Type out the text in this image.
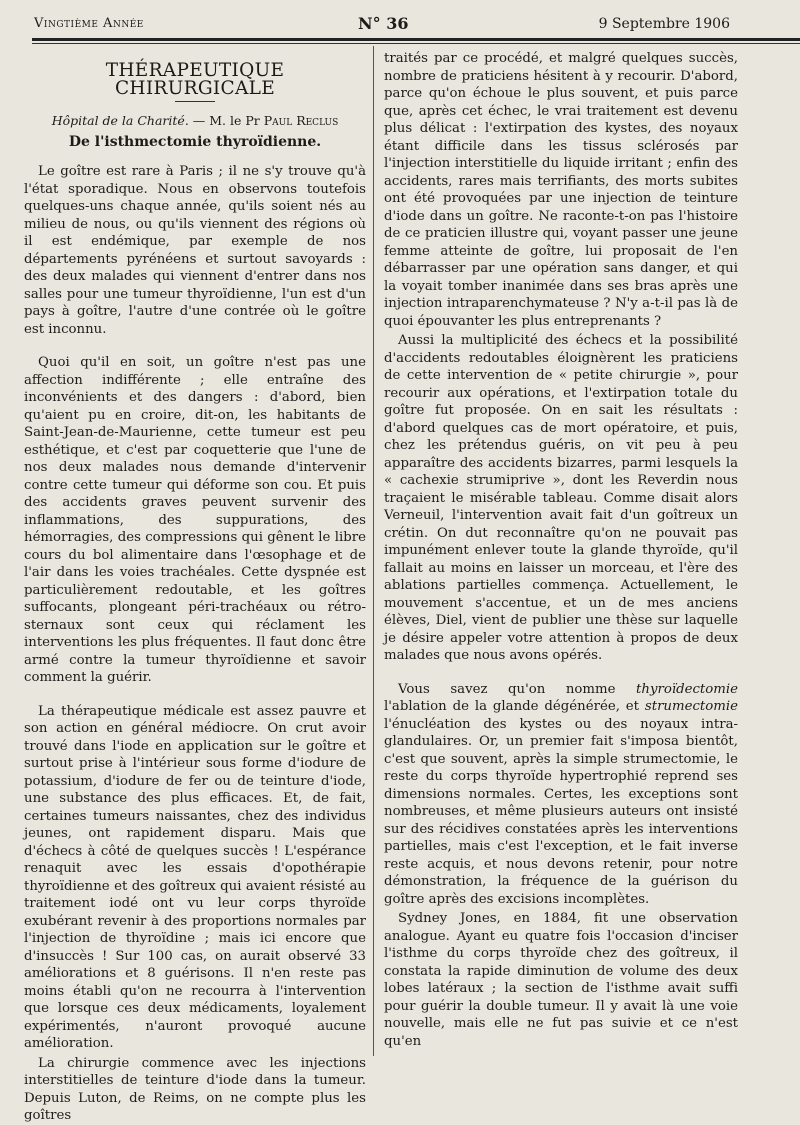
Vingtième Année	N° 36	9 Septembre 1906
THÉRAPEUTIQUE CHIRURGICALE
Hôpital de la Charité. — M. le Pr Paul Reclus
De l'isthmectomie thyroïdienne.

Le goître est rare à Paris ; il ne s'y trouve qu'à l'état sporadique. Nous en observons toutefois quelques-uns chaque année, qu'ils soient nés au milieu de nous, ou qu'ils viennent des régions où il est endémique, par exemple de nos départements pyrénéens et surtout savoyards : des deux malades qui viennent d'entrer dans nos salles pour une tumeur thyroïdienne, l'un est d'un pays à goître, l'autre d'une contrée où le goître est inconnu.

Quoi qu'il en soit, un goître n'est pas une affection indifférente ; elle entraîne des inconvénients et des dangers : d'abord, bien qu'aient pu en croire, dit-on, les habitants de Saint-Jean-de-Maurienne, cette tumeur est peu esthétique, et c'est par coquetterie que l'une de nos deux malades nous demande d'intervenir contre cette tumeur qui déforme son cou. Et puis des accidents graves peuvent survenir des inflammations, des suppurations, des hémorragies, des compressions qui gênent le libre cours du bol alimentaire dans l'œsophage et de l'air dans les voies trachéales. Cette dyspnée est particulièrement redoutable, et les goîtres suffocants, plongeant péri-trachéaux ou rétro-sternaux sont ceux qui réclament les interventions les plus fréquentes. Il faut donc être armé contre la tumeur thyroïdienne et savoir comment la guérir.

La thérapeutique médicale est assez pauvre et son action en général médiocre. On crut avoir trouvé dans l'iode en application sur le goître et surtout prise à l'intérieur sous forme d'iodure de potassium, d'iodure de fer ou de teinture d'iode, une substance des plus efficaces. Et, de fait, certaines tumeurs naissantes, chez des individus jeunes, ont rapidement disparu. Mais que d'échecs à côté de quelques succès ! L'espérance renaquit avec les essais d'opothérapie thyroïdienne et des goîtreux qui avaient résisté au traitement iodé ont vu leur corps thyroïde exubérant revenir à des proportions normales par l'injection de thyroïdine ; mais ici encore que d'insuccès ! Sur 100 cas, on aurait observé 33 améliorations et 8 guérisons. Il n'en reste pas moins établi qu'on ne recourra à l'intervention que lorsque ces deux médicaments, loyalement expérimentés, n'auront provoqué aucune amélioration.

La chirurgie commence avec les injections interstitielles de teinture d'iode dans la tumeur. Depuis Luton, de Reims, on ne compte plus les goîtres

traités par ce procédé, et malgré quelques succès, nombre de praticiens hésitent à y recourir. D'abord, parce qu'on échoue le plus souvent, et puis parce que, après cet échec, le vrai traitement est devenu plus délicat : l'extirpation des kystes, des noyaux étant difficile dans les tissus sclérosés par l'injection interstitielle du liquide irritant ; enfin des accidents, rares mais terrifiants, des morts subites ont été provoquées par une injection de teinture d'iode dans un goître. Ne raconte-t-on pas l'histoire de ce praticien illustre qui, voyant passer une jeune femme atteinte de goître, lui proposait de l'en débarrasser par une opération sans danger, et qui la voyait tomber inanimée dans ses bras après une injection intraparenchymateuse ? N'y a-t-il pas là de quoi épouvanter les plus entreprenants ?

Aussi la multiplicité des échecs et la possibilité d'accidents redoutables éloignèrent les praticiens de cette intervention de « petite chirurgie », pour recourir aux opérations, et l'extirpation totale du goître fut proposée. On en sait les résultats : d'abord quelques cas de mort opératoire, et puis, chez les prétendus guéris, on vit peu à peu apparaître des accidents bizarres, parmi lesquels la « cachexie strumiprive », dont les Reverdin nous traçaient le misérable tableau. Comme disait alors Verneuil, l'intervention avait fait d'un goîtreux un crétin. On dut reconnaître qu'on ne pouvait pas impunément enlever toute la glande thyroïde, qu'il fallait au moins en laisser un morceau, et l'ère des ablations partielles commença. Actuellement, le mouvement s'accentue, et un de mes anciens élèves, Diel, vient de publier une thèse sur laquelle je désire appeler votre attention à propos de deux malades que nous avons opérés.

Vous savez qu'on nomme thyroïdectomie l'ablation de la glande dégénérée, et strumectomie l'énucléation des kystes ou des noyaux intra-glandulaires. Or, un premier fait s'imposa bientôt, c'est que souvent, après la simple strumectomie, le reste du corps thyroïde hypertrophié reprend ses dimensions normales. Certes, les exceptions sont nombreuses, et même plusieurs auteurs ont insisté sur des récidives constatées après les interventions partielles, mais c'est l'exception, et le fait inverse reste acquis, et nous devons retenir, pour notre démonstration, la fréquence de la guérison du goître après des excisions incomplètes.

Sydney Jones, en 1884, fit une observation analogue. Ayant eu quatre fois l'occasion d'inciser l'isthme du corps thyroïde chez des goîtreux, il constata la rapide diminution de volume des deux lobes latéraux ; la section de l'isthme avait suffi pour guérir la double tumeur. Il y avait là une voie nouvelle, mais elle ne fut pas suivie et ce n'est qu'en
